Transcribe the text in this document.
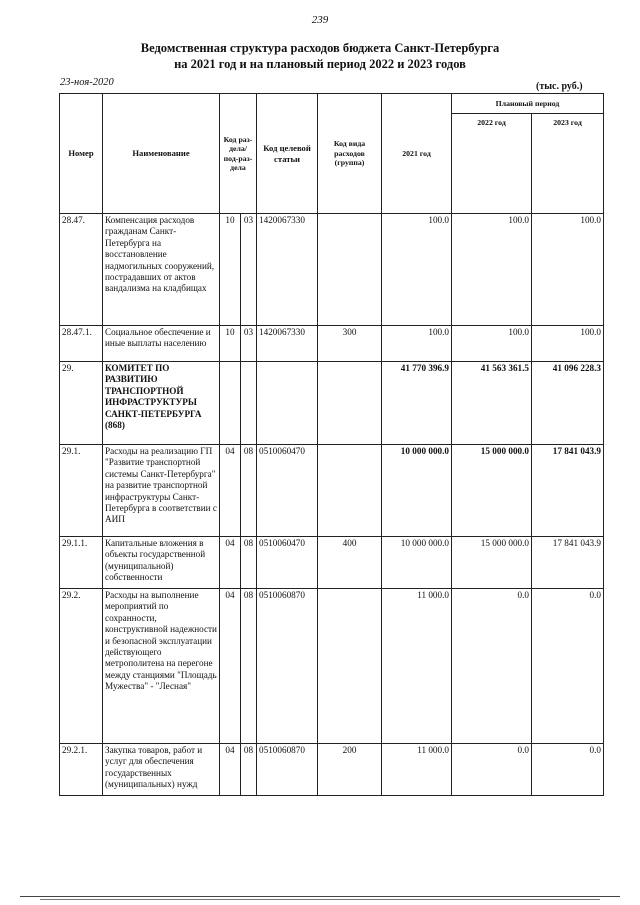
239
Ведомственная структура расходов бюджета Санкт-Петербурга
на 2021 год и на плановый период 2022 и 2023 годов
23-ноя-2020	(тыс. руб.)
Номер	Наименование	Код раз-дела/ под-раз-дела		Код целевой статьи	Код вида расходов (группа)	2021 год	Плановый период	
							2022 год	2023 год
28.47.	Компенсация расходов гражданам Санкт-Петербурга на восстановление надмогильных сооружений, пострадавших от актов вандализма на кладбищах	10	03	1420067330		100.0	100.0	100.0
28.47.1.	Социальное обеспечение и иные выплаты населению	10	03	1420067330	300	100.0	100.0	100.0
29.	КОМИТЕТ ПО РАЗВИТИЮ ТРАНСПОРТНОЙ ИНФРАСТРУКТУРЫ САНКТ-ПЕТЕРБУРГА (868)					41 770 396.9	41 563 361.5	41 096 228.3
29.1.	Расходы на реализацию ГП "Развитие транспортной системы Санкт-Петербурга" на развитие транспортной инфраструктуры Санкт-Петербурга в соответствии с АИП	04	08	0510060470		10 000 000.0	15 000 000.0	17 841 043.9
29.1.1.	Капитальные вложения в объекты государственной (муниципальной) собственности	04	08	0510060470	400	10 000 000.0	15 000 000.0	17 841 043.9
29.2.	Расходы на выполнение мероприятий по сохранности, конструктивной надежности и безопасной эксплуатации действующего метрополитена на перегоне между станциями "Площадь Мужества" - "Лесная"	04	08	0510060870		11 000.0	0.0	0.0
29.2.1.	Закупка товаров, работ и услуг для обеспечения государственных (муниципальных) нужд	04	08	0510060870	200	11 000.0	0.0	0.0
